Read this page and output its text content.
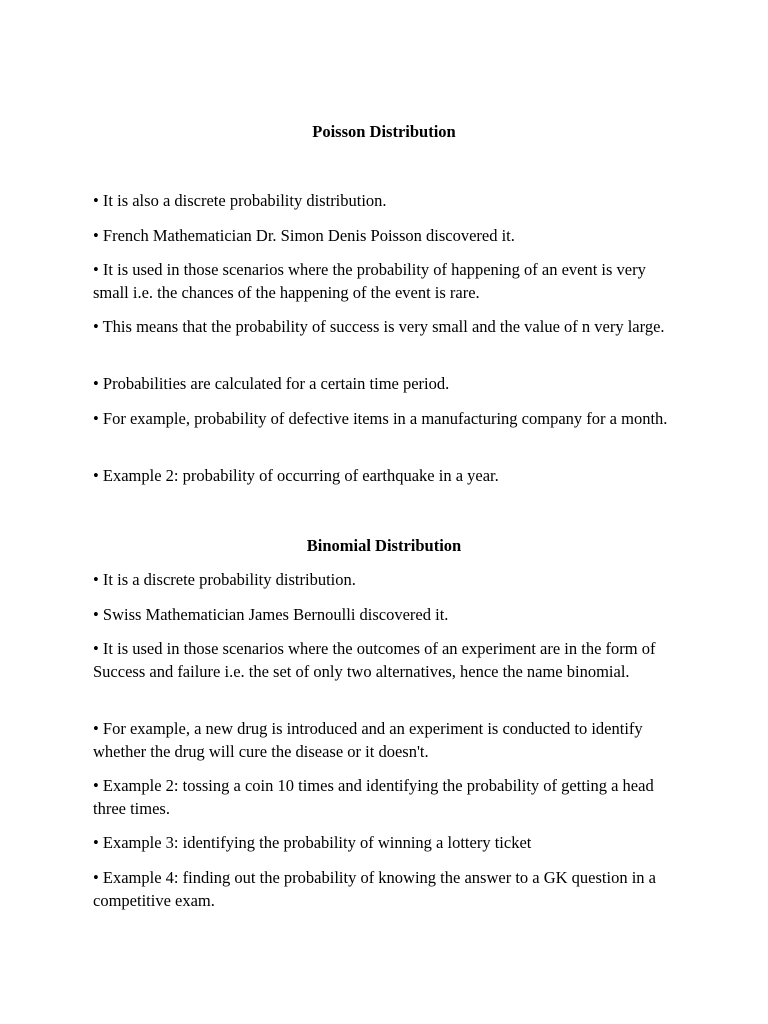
Poisson Distribution

• It is also a discrete probability distribution.

• French Mathematician Dr. Simon Denis Poisson discovered it.

• It is used in those scenarios where the probability of happening of an event is very small i.e. the chances of the happening of the event is rare.

• This means that the probability of success is very small and the value of n very large.

• Probabilities are calculated for a certain time period.

• For example, probability of defective items in a manufacturing company for a month.

• Example 2: probability of occurring of earthquake in a year.

Binomial Distribution

• It is a discrete probability distribution.

• Swiss Mathematician James Bernoulli discovered it.

• It is used in those scenarios where the outcomes of an experiment are in the form of Success and failure i.e. the set of only two alternatives, hence the name binomial.

• For example, a new drug is introduced and an experiment is conducted to identify whether the drug will cure the disease or it doesn't.

• Example 2: tossing a coin 10 times and identifying the probability of getting a head three times.

• Example 3: identifying the probability of winning a lottery ticket

• Example 4: finding out the probability of knowing the answer to a GK question in a competitive exam.
